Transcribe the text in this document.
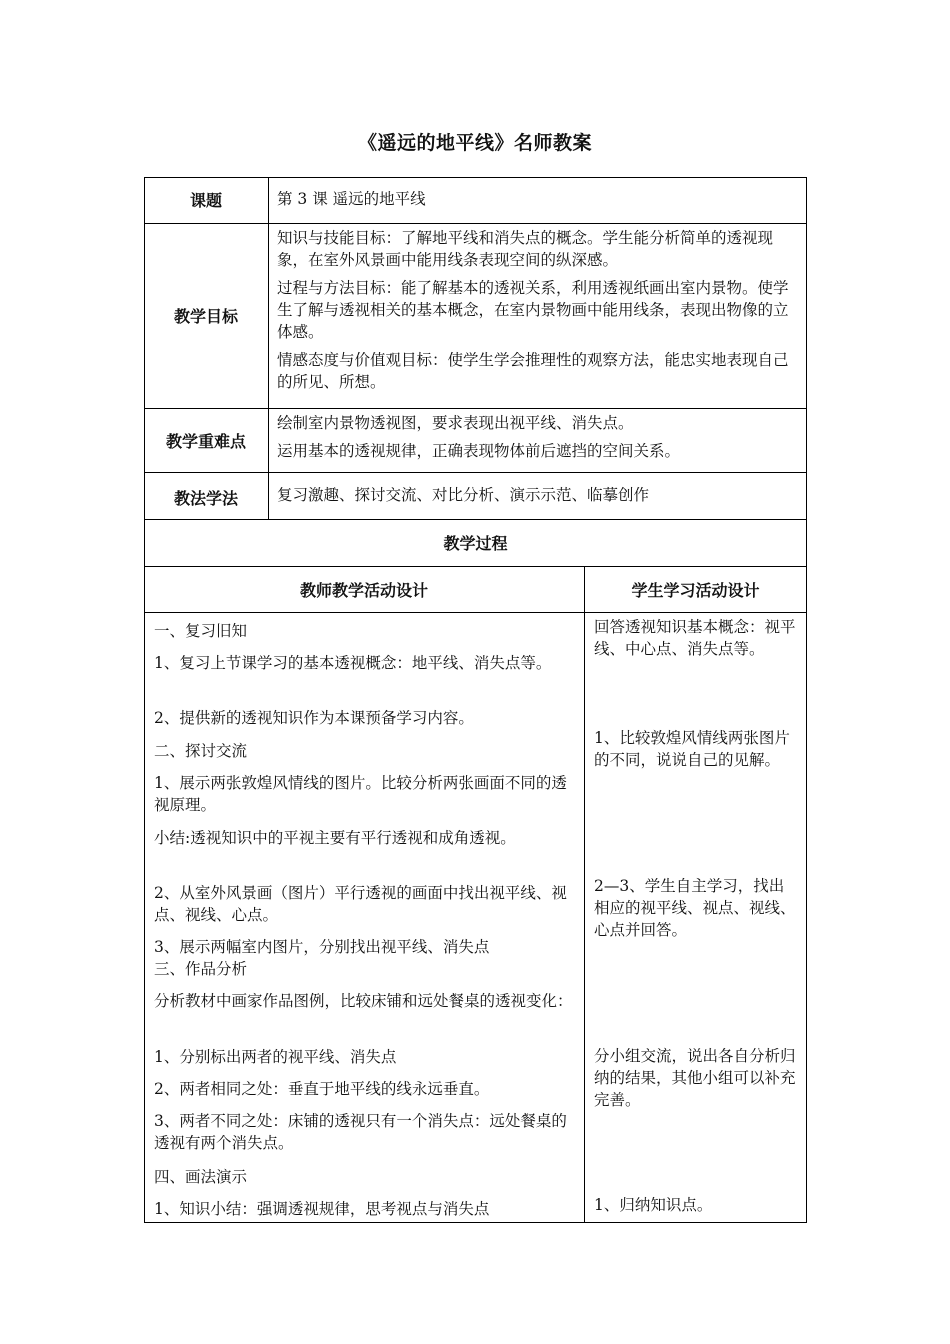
《遥远的地平线》名师教案
课题
教学目标
教学重难点
教法学法
第 3 课 遥远的地平线

知识与技能目标：了解地平线和消失点的概念。学生能分析简单的透视现象，在室外风景画中能用线条表现空间的纵深感。

过程与方法目标：能了解基本的透视关系，利用透视纸画出室内景物。使学生了解与透视相关的基本概念，在室内景物画中能用线条，表现出物像的立体感。

情感态度与价值观目标：使学生学会推理性的观察方法，能忠实地表现自己的所见、所想。

绘制室内景物透视图，要求表现出视平线、消失点。

运用基本的透视规律，正确表现物体前后遮挡的空间关系。

复习激趣、探讨交流、对比分析、演示示范、临摹创作
教学过程
教师教学活动设计	学生学习活动设计
一、复习旧知
1、复习上节课学习的基本透视概念：地平线、消失点等。
2、提供新的透视知识作为本课预备学习内容。
二、探讨交流
1、展示两张敦煌风情线的图片。比较分析两张画面不同的透视原理。
小结:透视知识中的平视主要有平行透视和成角透视。
2、从室外风景画（图片）平行透视的画面中找出视平线、视点、视线、心点。
3、展示两幅室内图片，分别找出视平线、消失点
三、作品分析
分析教材中画家作品图例，比较床铺和远处餐桌的透视变化：
1、分别标出两者的视平线、消失点
2、两者相同之处：垂直于地平线的线永远垂直。
3、两者不同之处：床铺的透视只有一个消失点：远处餐桌的透视有两个消失点。
四、画法演示
1、知识小结：强调透视规律，思考视点与消失点
回答透视知识基本概念：视平线、中心点、消失点等。
1、比较敦煌风情线两张图片的不同，说说自己的见解。
2—3、学生自主学习，找出相应的视平线、视点、视线、心点并回答。
分小组交流，说出各自分析归纳的结果，其他小组可以补充完善。
1、归纳知识点。
